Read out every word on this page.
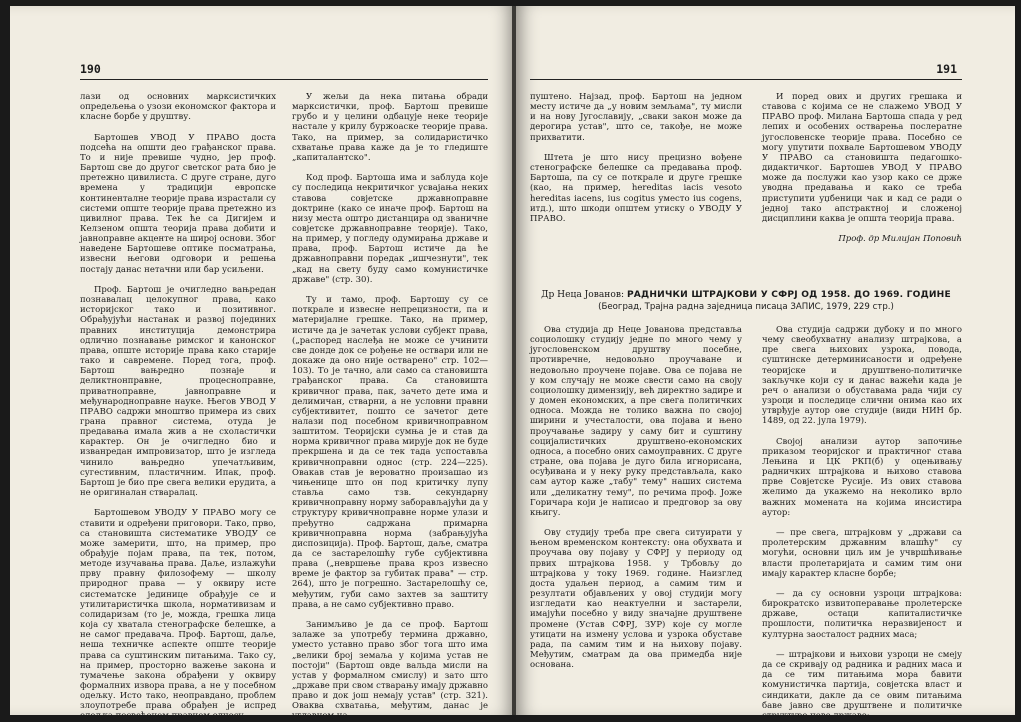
190

лази од основних марксистичких опредељења о узози економског фактора и класне борбе у друштву.

Бартошев УВОД У ПРАВО доста подсећа на општи део грађанског права. То и није превише чудно, јер проф. Бартош све до другог светског рата био је претежно цивилиста. С друге стране, дуго времена у традицији европске континенталне теорије права израстали су системи опште теорије права претежно из цивилног права. Тек ће са Дигијем и Келзеном општа теорија права добити и јавноправне акценте на широј основи. Због наведене Бартошеве оптике посматрања, извесни његови одговори и решења постају данас нетачни или бар усиљени.

Проф. Бартош је очигледно вањредан познавалац целокупног права, како историјског тако и позитивног. Обрађујући настанак и развој појединих правних институција демонстрира одлично познавање римског и канонског права, опште историје права како старије тако и савремене. Поред тога, проф. Бартош вањредно познаје и деликтнонправне, процесноправне, приватноправне, јавноправне и међународноправне науке. Његов УВОД У ПРАВО садржи мноштво примера из свих грана правног система, отуда је предавања имала жив а не схоластички карактер. Он је очигледно био и изванредан импровизатор, што је изгледа чинило вањредно упечатљивим, сугестивним, пластичним. Ипак, проф. Бартош је био пре свега велики ерудита, а не оригиналан стваралац.

Бартошевом УВОДУ У ПРАВО могу се ставити и одређени приговори. Тако, прво, са становишта систематике УВОДУ се може замерити, што, на пример, про обрађује појам права, па тек, потом, методе изучавања права. Даље, излажући прву правну филозофему — школу природног права — у оквиру исте систематске јединице обрађује се и утилитаристичка школа, нормативизам и солидаризам (то је, можда, грешка лица која су хватала стенографске белешке, а не самог предавача. Проф. Бартош, даље, неша техничке аспекте опште теорије права са суштинским питањима. Тако су, на пример, просторно важење закона и тумачење закона обрађени у оквиру формалних извора права, а не у посебном одељку. Исто тако, неоправдано, проблем злоупотребе права обрађен је испред одељка посвећеном правном односу.

У жељи да нека питања обради марксистички, проф. Бартош превише грубо и у целини одбацује неке теорије настале у крилу буржоаске теорије права. Тако, на пример, за солидаристичко схватање права каже да је то гледиште „капиталантско".

Код проф. Бартоша има и заблуда које су последица некритичког усвајања неких ставова совјетске државноправне доктрине (како се иначе проф. Бартош на низу места оштро дистанцира од званичне совјетске државноправне теорије). Тако, на пример, у погледу одумирања државе и права, проф. Бартош истиче да ће државноправни поредак „ишчезнути", тек „кад на свету буду само комунистичке државе" (стр. 30).

Ту и тамо, проф. Бартошу су се поткрале и извесне непрецизности, па и материјалне грешке. Тако, на пример, истиче да је зачетак услови субјект права, („распоред наслеђа не може се учинити све донде док се рођење не оствари или не докаже да оно није остварено" стр. 102—103). То је тачно, али само са становишта грађанског права. Са становишта кривичног права, пак, зачето дете има и делимичан, стварни, а не условни правни субјективитет, пошто се зачетог дете налази под посебном кривичноправном заштитом. Теоријски сумња је и став да норма кривичног права мирује док не буде прекршена и да се тек тада успоставља кривичноправни однос (стр. 224—225). Овакав став је вероватно произашао из чињенице што он под критичку лупу ставља само тзв. секундарну кривичноправну норму заборављајући да у структуру кривичноправне норме улази и пређутно садржана примарна кривичноправна норма (забрањујућа диспозиција). Проф. Бартош, даље, сматра да се застарелошћу губе субјективна права („невршење права кроз извесно време је фактор за губитак права" — стр. 264), што је погрешно. Застарелошћу се, међутим, губи само захтев за заштиту права, а не само субјективно право.

Занимљиво је да се проф. Бартош залаже за употребу термина државно, уместо уставно право због тога што има „велики број земаља у којима устав не постоји" (Бартош овде вальда мисли на устав у формалном смислу) и зато што „државе при свом стварању имају државно право и док још немају устав" (стр. 321). Оваква схватања, међутим, данас је углавном на-

191

пуштено. Најзад, проф. Бартош на једном месту истиче да „у новим земљама", ту мисли и на нову Југославију, „сваки закон може да дерогира устав", што се, такође, не може прихватити.

Штета је што нису прецизно вођене стенографске белешке са предавања проф. Бартоша, па су се поткрале и друге грешке (као, на пример, hereditas iacis vesoto hereditas iacens, ius cogitus уместо ius cogens, итд.), што шкоди општем утиску о УВОДУ У ПРАВО.

И поред ових и других грешака и ставова с којима се не слажемо УВОД У ПРАВО проф. Милана Бартоша спада у ред лепих и особених остварења послератне југословенске теорије права. Посебно се могу упутити похвале Бартошевом УВОДУ У ПРАВО са становишта педагошко-дидактичког. Бартошев УВОД У ПРАВО може да послужи као узор како се држе уводна предавања и како се треба приступити уџбеници чак и кад се ради о једној тако апстрактној и сложеној дисциплини каква је општа теорија права.

Проф. др Милијан Поповић

Др Неца Јованов: РАДНИЧКИ ШТРАЈКОВИ У СФРЈ ОД 1958. ДО 1969. ГОДИНЕ
(Београд, Трајна радна заједница писаца ЗАПИС, 1979, 229 стр.)

Ова студија др Неце Јованова представља социолошку студију једне по много чему у југословенском друштву посебне, противречне, недовољно проучаване и недовољно проучене појаве. Ова се појава не у ком случају не може свести само на своју социолошку димензију, већ директно задире и у домен економских, а пре свега политичких односа. Можда не толико важна по својој ширини и учесталости, ова појава и њено проучавање задиру у саму бит и суштину социјалистичких друштвено-економских односа, а посебно оних самоуправних. С друге стране, ова појава је дуго била игнорисана, осуђивана и у неку руку представљала, како сам аутор каже „табу" тему" наших система или „деликатну тему", по речима проф. Јоже Горичара који је написао и предговор за ову књигу.

Ову студију треба пре свега ситуирати у њеном временском контексту: она обухвата и проучава ову појаву у СФРЈ у периоду од првих штрајкова 1958. у Трбовљу до штрајкова у току 1969. године. Наизглед доста удаљен период, а самим тим и резултати објављених у овој студији могу изгледати као неактуелни и застарели, имајући посебно у виду значајне друштвене промене (Устав СФРЈ, ЗУР) које су могле утицати на измену услова и узрока обуставе рада, па самим тим и на њихову појаву. Међутим, сматрам да ова примедба није основана.

Ова студија садржи дубоку и по много чему свеобухватну анализу штрајкова, а пре свега њихових узрока, повода, суштинске детерминисаности и одређене теоријске и друштвено-политичке закључке који су и данас важећи када је реч о анализи о обуставама рада чији су узроци и последице слични онима као их утврђује аутор ове студије (види НИН бр. 1489, од 22. јула 1979).

Својој анализи аутор започиње приказом теоријског и практичног става Лењина и ЦК РКП(б) у оцењивању радничких штрајкова и њихово ставова прве Совјетске Русије. Из ових ставова желимо да укажемо на неколико врло важних момената на којима инсистира аутор:

— пре свега, штрајковм у „држави са пролетерским државним влашћу" су могући, основни циљ им је учвршћивање власти пролетаријата и самим тим они имају карактер класне борбе;

— да су основни узроци штрајкова: бирократско извитоперавање пролетерске државе, остаци капиталистичке прошлости, политичка неразвијеност и културна заосталост радних маса;

— штрајкови и њихови узроци не смеју да се скривају од радника и радних маса и да се тим питањима мора бавити комунистичка партија, совјетска власт и синдикати, дакле да се овим питањима баве јавно све друштвене и политичке структуре нове државе;
